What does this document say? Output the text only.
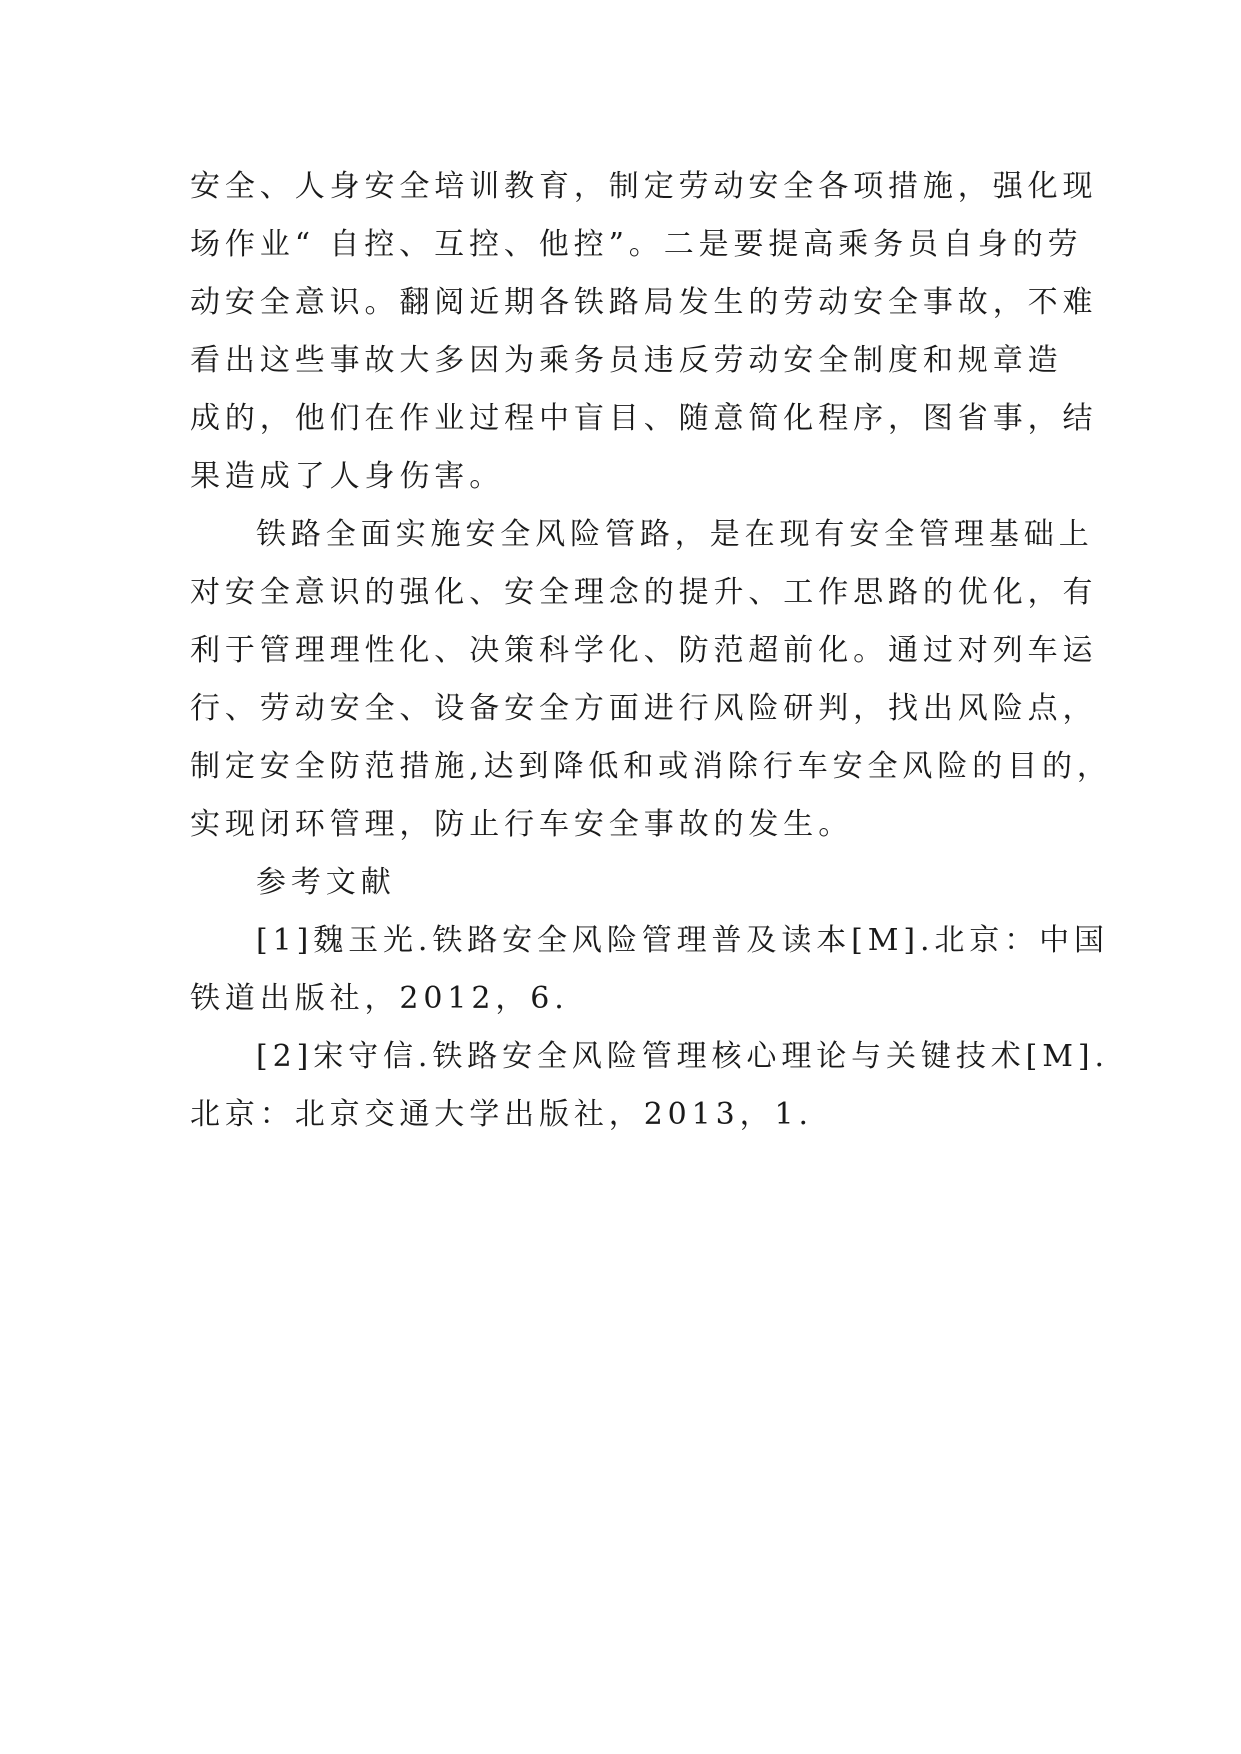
安全、人身安全培训教育，制定劳动安全各项措施，强化现
场作业“ 自控、互控、他控”。二是要提高乘务员自身的劳
动安全意识。翻阅近期各铁路局发生的劳动安全事故，不难
看出这些事故大多因为乘务员违反劳动安全制度和规章造
成的，他们在作业过程中盲目、随意简化程序，图省事，结
果造成了人身伤害。
铁路全面实施安全风险管路，是在现有安全管理基础上
对安全意识的强化、安全理念的提升、工作思路的优化，有
利于管理理性化、决策科学化、防范超前化。通过对列车运
行、劳动安全、设备安全方面进行风险研判，找出风险点，
制定安全防范措施,达到降低和或消除行车安全风险的目的，
实现闭环管理，防止行车安全事故的发生。
参考文献
[1]魏玉光.铁路安全风险管理普及读本[M].北京：中国
铁道出版社，2012，6.
[2]宋守信.铁路安全风险管理核心理论与关键技术[M].
北京：北京交通大学出版社，2013，1.
